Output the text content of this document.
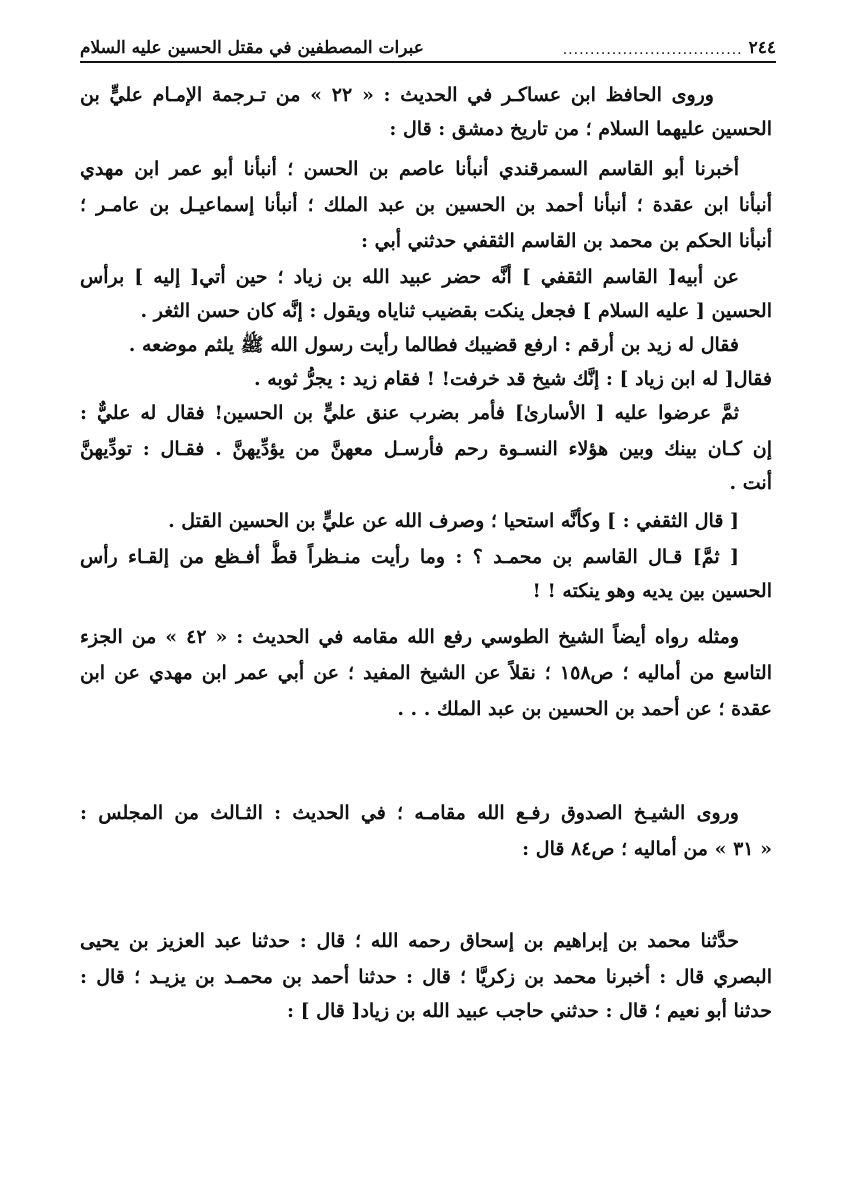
٢٤٤
.................................
عبرات المصطفين في مقتل الحسين عليه السلام
وروى الحافظ ابن عساكـر في الحديث : « ٢٢ » من تـرجمة الإمـام عليٍّ بن
الحسين عليهما السلام ؛ من تاريخ دمشق : قال :
أخبرنا أبو القاسم السمرقندي أنبأنا عاصم بن الحسن ؛ أنبأنا أبو عمر ابن مهدي
أنبأنا ابن عقدة ؛ أنبأنا أحمد بن الحسين بن عبد الملك ؛ أنبأنا إسماعيـل بن عامـر ؛
أنبأنا الحكم بن محمد بن القاسم الثقفي حدثني أبي :
عن أبيه[ القاسم الثقفي ] أنَّه حضر عبيد الله بن زياد ؛ حين أتي[ إليه ] برأس
الحسين [ عليه السلام ] فجعل ينكت بقضيب ثناياه ويقول : إنَّه كان حسن الثغر .
فقال له زيد بن أرقم : ارفع قضيبك فطالما رأيت رسول الله ﷺ يلثم موضعه .
فقال[ له ابن زياد ] : إنَّك شيخ قد خرفت! ! فقام زيد : يجرُّ ثوبه .
ثمَّ عرضوا عليه [ الأسارىٰ] فأمر بضرب عنق عليٍّ بن الحسين! فقال له عليٌّ :
إن كـان بينك وبين هؤلاء النسـوة رحم فأرسـل معهنَّ من يؤدِّيهنَّ . فقـال : تودِّيهنَّ
أنت .
[ قال الثقفي : ] وكأنَّه استحيا ؛ وصرف الله عن عليٍّ بن الحسين القتل .
[ ثمَّ] قـال القاسم بن محمـد ؟ : وما رأيت منـظراً قطُّ أفـظع من إلقـاء رأس
الحسين بين يديه وهو ينكته ! !
ومثله رواه أيضاً الشيخ الطوسي رفع الله مقامه في الحديث : « ٤٢ » من الجزء
التاسع من أماليه ؛ ص١٥٨ ؛ نقلاً عن الشيخ المفيد ؛ عن أبي عمر ابن مهدي عن ابن
عقدة ؛ عن أحمد بن الحسين بن عبد الملك . . .
وروى الشيـخ الصدوق رفـع الله مقامـه ؛ في الحديث : الثـالث من المجلس :
« ٣١ » من أماليه ؛ ص٨٤ قال :
حدَّثنا محمد بن إبراهيم بن إسحاق رحمه الله ؛ قال : حدثنا عبد العزيز بن يحيى
البصري قال : أخبرنا محمد بن زكريَّا ؛ قال : حدثنا أحمد بن محمـد بن يزيـد ؛ قال :
حدثنا أبو نعيم ؛ قال : حدثني حاجب عبيد الله بن زياد[ قال ] :
